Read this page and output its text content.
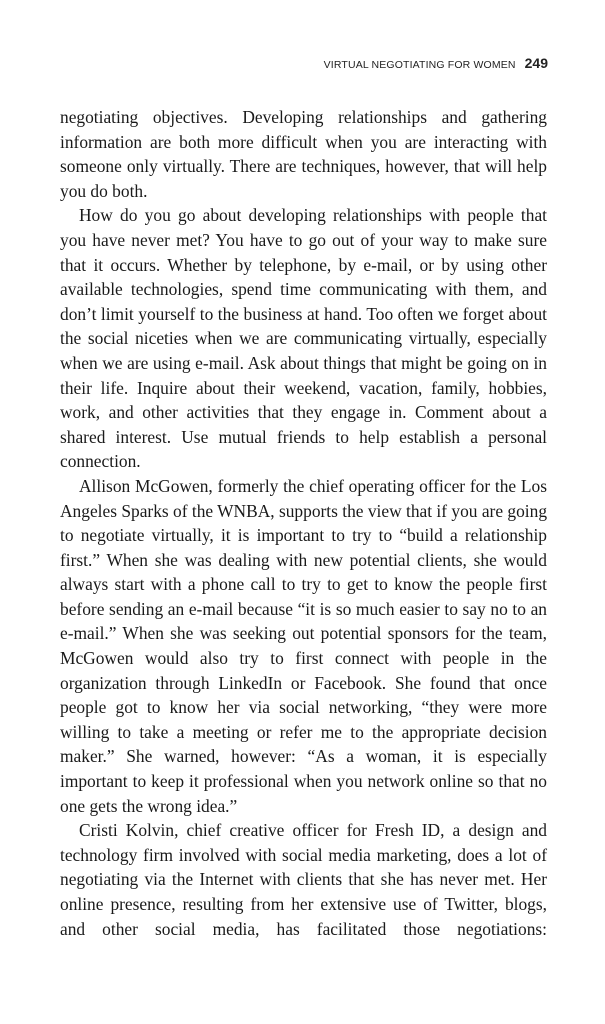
VIRTUAL NEGOTIATING FOR WOMEN 249

negotiating objectives. Developing relationships and gathering information are both more difficult when you are interacting with someone only virtually. There are techniques, however, that will help you do both.

How do you go about developing relationships with people that you have never met? You have to go out of your way to make sure that it occurs. Whether by telephone, by e-mail, or by using other available technologies, spend time communicating with them, and don’t limit yourself to the business at hand. Too often we forget about the social niceties when we are communicating virtually, especially when we are using e-mail. Ask about things that might be going on in their life. Inquire about their weekend, vacation, family, hobbies, work, and other activities that they engage in. Comment about a shared interest. Use mutual friends to help establish a personal connection.

Allison McGowen, formerly the chief operating officer for the Los Angeles Sparks of the WNBA, supports the view that if you are going to negotiate virtually, it is important to try to “build a relationship first.” When she was dealing with new potential clients, she would always start with a phone call to try to get to know the people first before sending an e-mail because “it is so much easier to say no to an e-mail.” When she was seeking out potential sponsors for the team, McGowen would also try to first connect with people in the organization through LinkedIn or Facebook. She found that once people got to know her via social networking, “they were more willing to take a meeting or refer me to the appropriate decision maker.” She warned, however: “As a woman, it is especially important to keep it professional when you network online so that no one gets the wrong idea.”

Cristi Kolvin, chief creative officer for Fresh ID, a design and technology firm involved with social media marketing, does a lot of negotiating via the Internet with clients that she has never met. Her online presence, resulting from her extensive use of Twitter, blogs, and other social media, has facilitated those negotiations:
